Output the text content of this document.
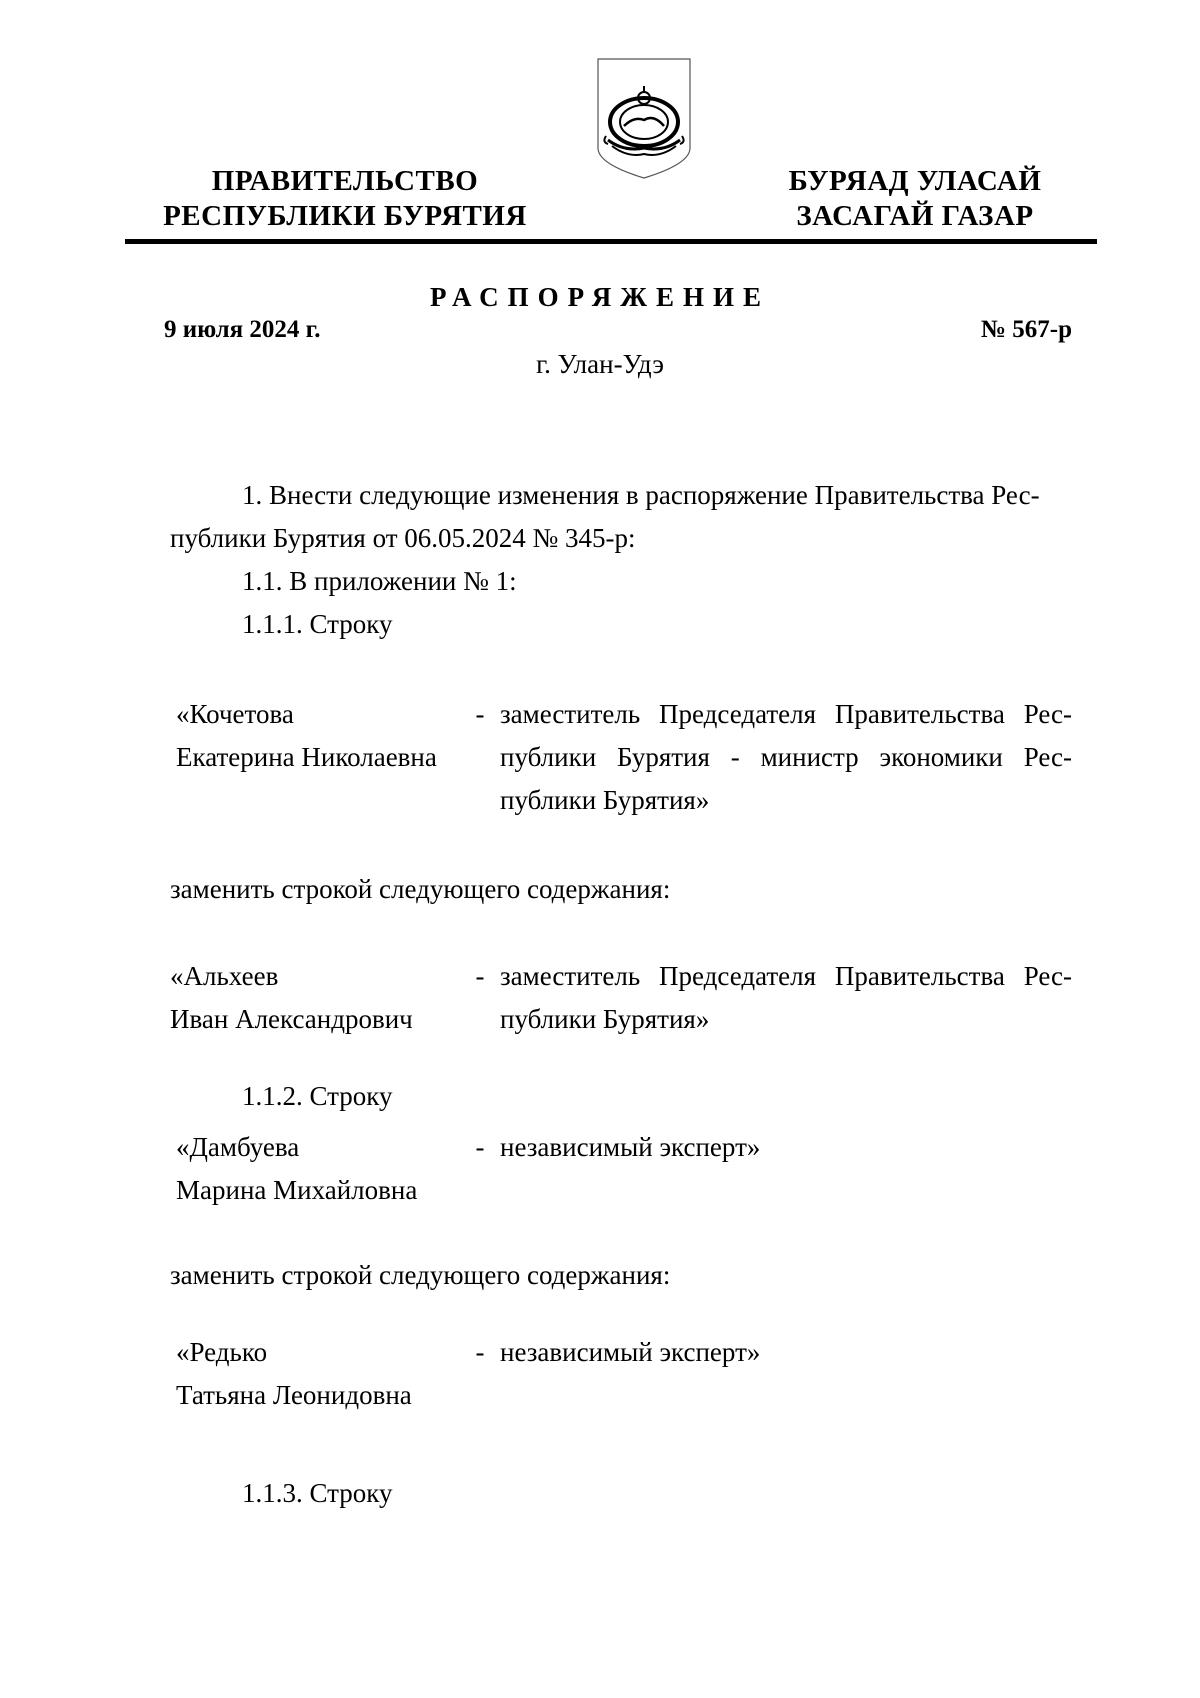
ПРАВИТЕЛЬСТВО
РЕСПУБЛИКИ БУРЯТИЯ
БУРЯАД УЛАСАЙ
ЗАСАГАЙ ГАЗАР
РАСПОРЯЖЕНИЕ
9 июля 2024 г.	№ 567-р
г. Улан-Удэ
1. Внести следующие изменения в распоряжение Правительства Рес-
публики Бурятия от 06.05.2024 № 345-р:
1.1. В приложении № 1:
1.1.1. Строку
«Кочетова
Екатерина Николаевна
- заместитель Председателя Правительства Рес-
публики Бурятия - министр экономики Рес-
публики Бурятия»
заменить строкой следующего содержания:
«Альхеев
Иван Александрович
- заместитель Председателя Правительства Рес-
публики Бурятия»
1.1.2. Строку
«Дамбуева
Марина Михайловна
- независимый эксперт»
заменить строкой следующего содержания:
«Редько
Татьяна Леонидовна
- независимый эксперт»
1.1.3. Строку
